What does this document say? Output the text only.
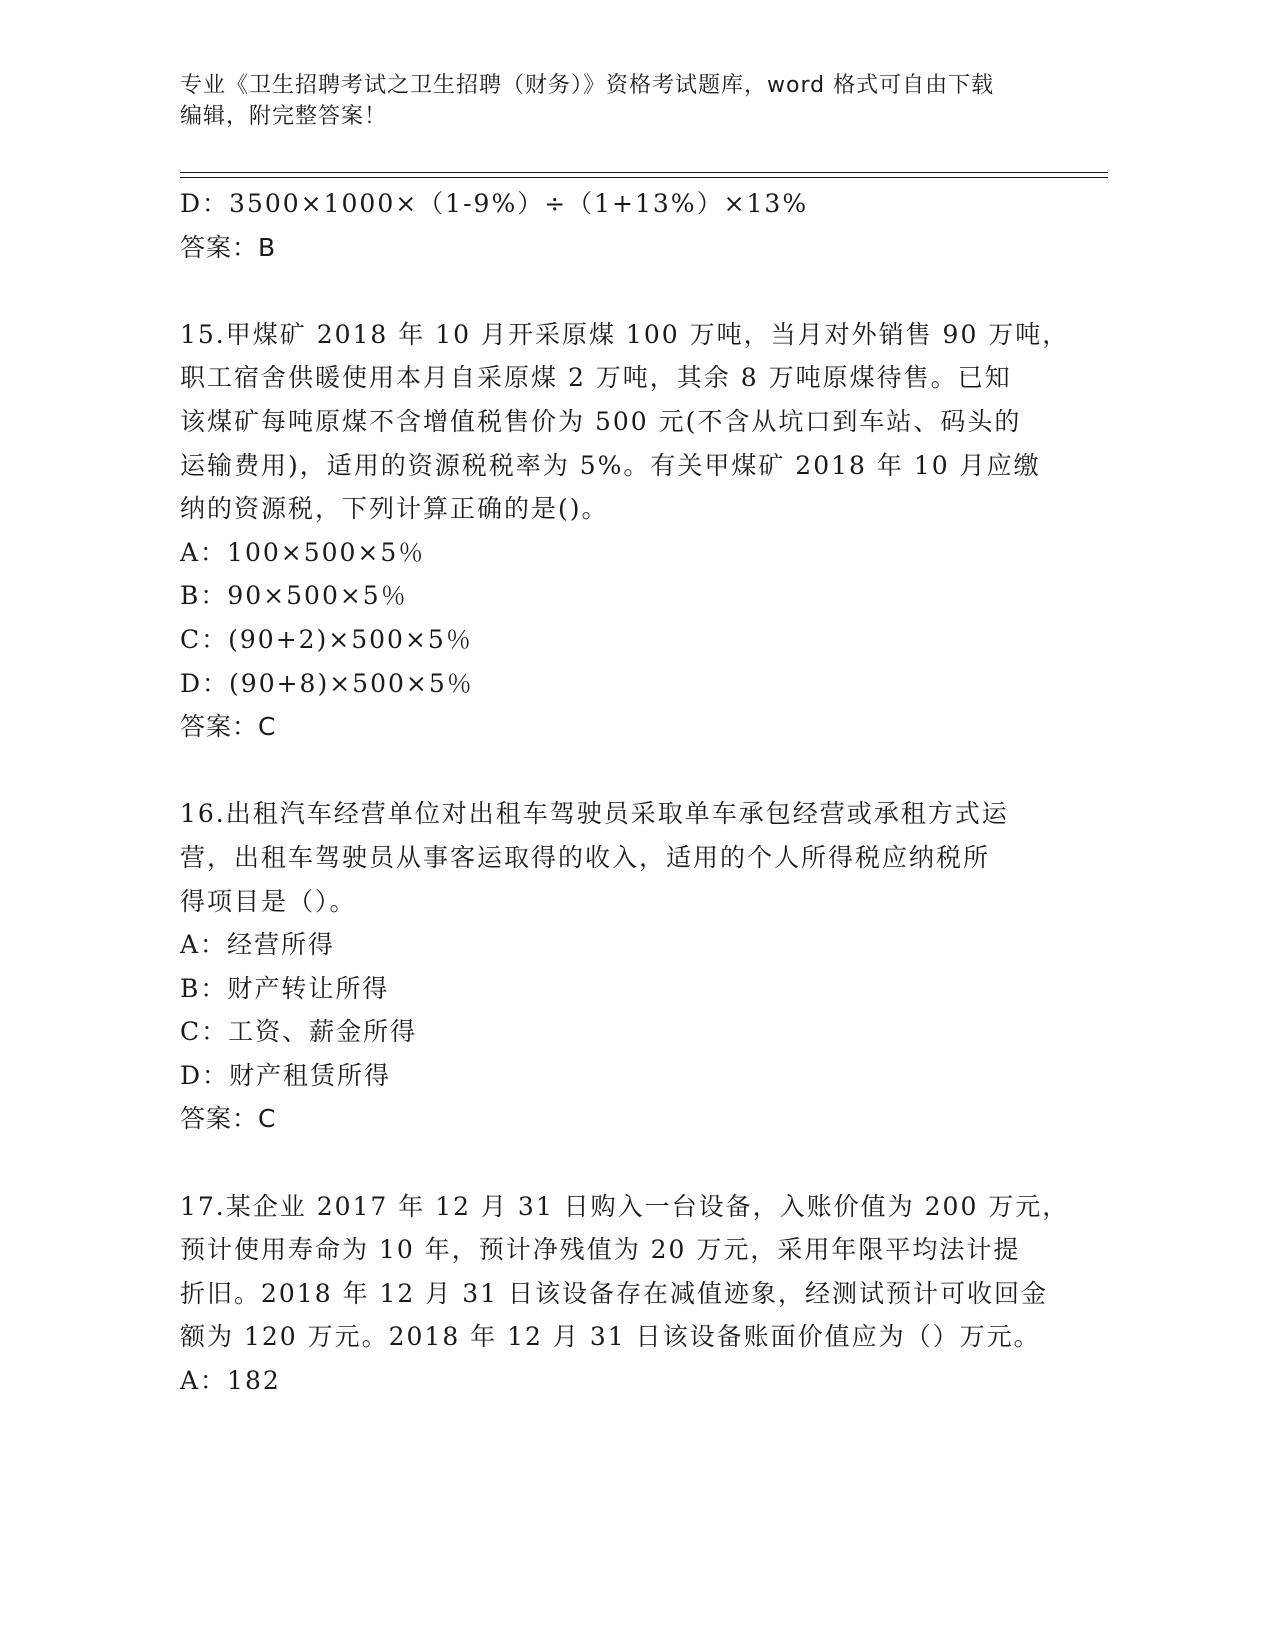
专业《卫生招聘考试之卫生招聘（财务）》资格考试题库，word 格式可自由下载
编辑，附完整答案！
D：3500×1000×（1-9%）÷（1+13%）×13%
答案：B
15.甲煤矿 2018 年 10 月开采原煤 100 万吨，当月对外销售 90 万吨，
职工宿舍供暖使用本月自采原煤 2 万吨，其余 8 万吨原煤待售。已知
该煤矿每吨原煤不含增值税售价为 500 元(不含从坑口到车站、码头的
运输费用)，适用的资源税税率为 5%。有关甲煤矿 2018 年 10 月应缴
纳的资源税，下列计算正确的是()。
A：100×500×5％
B：90×500×5％
C：(90+2)×500×5％
D：(90+8)×500×5％
答案：C
16.出租汽车经营单位对出租车驾驶员采取单车承包经营或承租方式运
营，出租车驾驶员从事客运取得的收入，适用的个人所得税应纳税所
得项目是（）。
A：经营所得
B：财产转让所得
C：工资、薪金所得
D：财产租赁所得
答案：C
17.某企业 2017 年 12 月 31 日购入一台设备，入账价值为 200 万元，
预计使用寿命为 10 年，预计净残值为 20 万元，采用年限平均法计提
折旧。2018 年 12 月 31 日该设备存在减值迹象，经测试预计可收回金
额为 120 万元。2018 年 12 月 31 日该设备账面价值应为（）万元。
A：182
